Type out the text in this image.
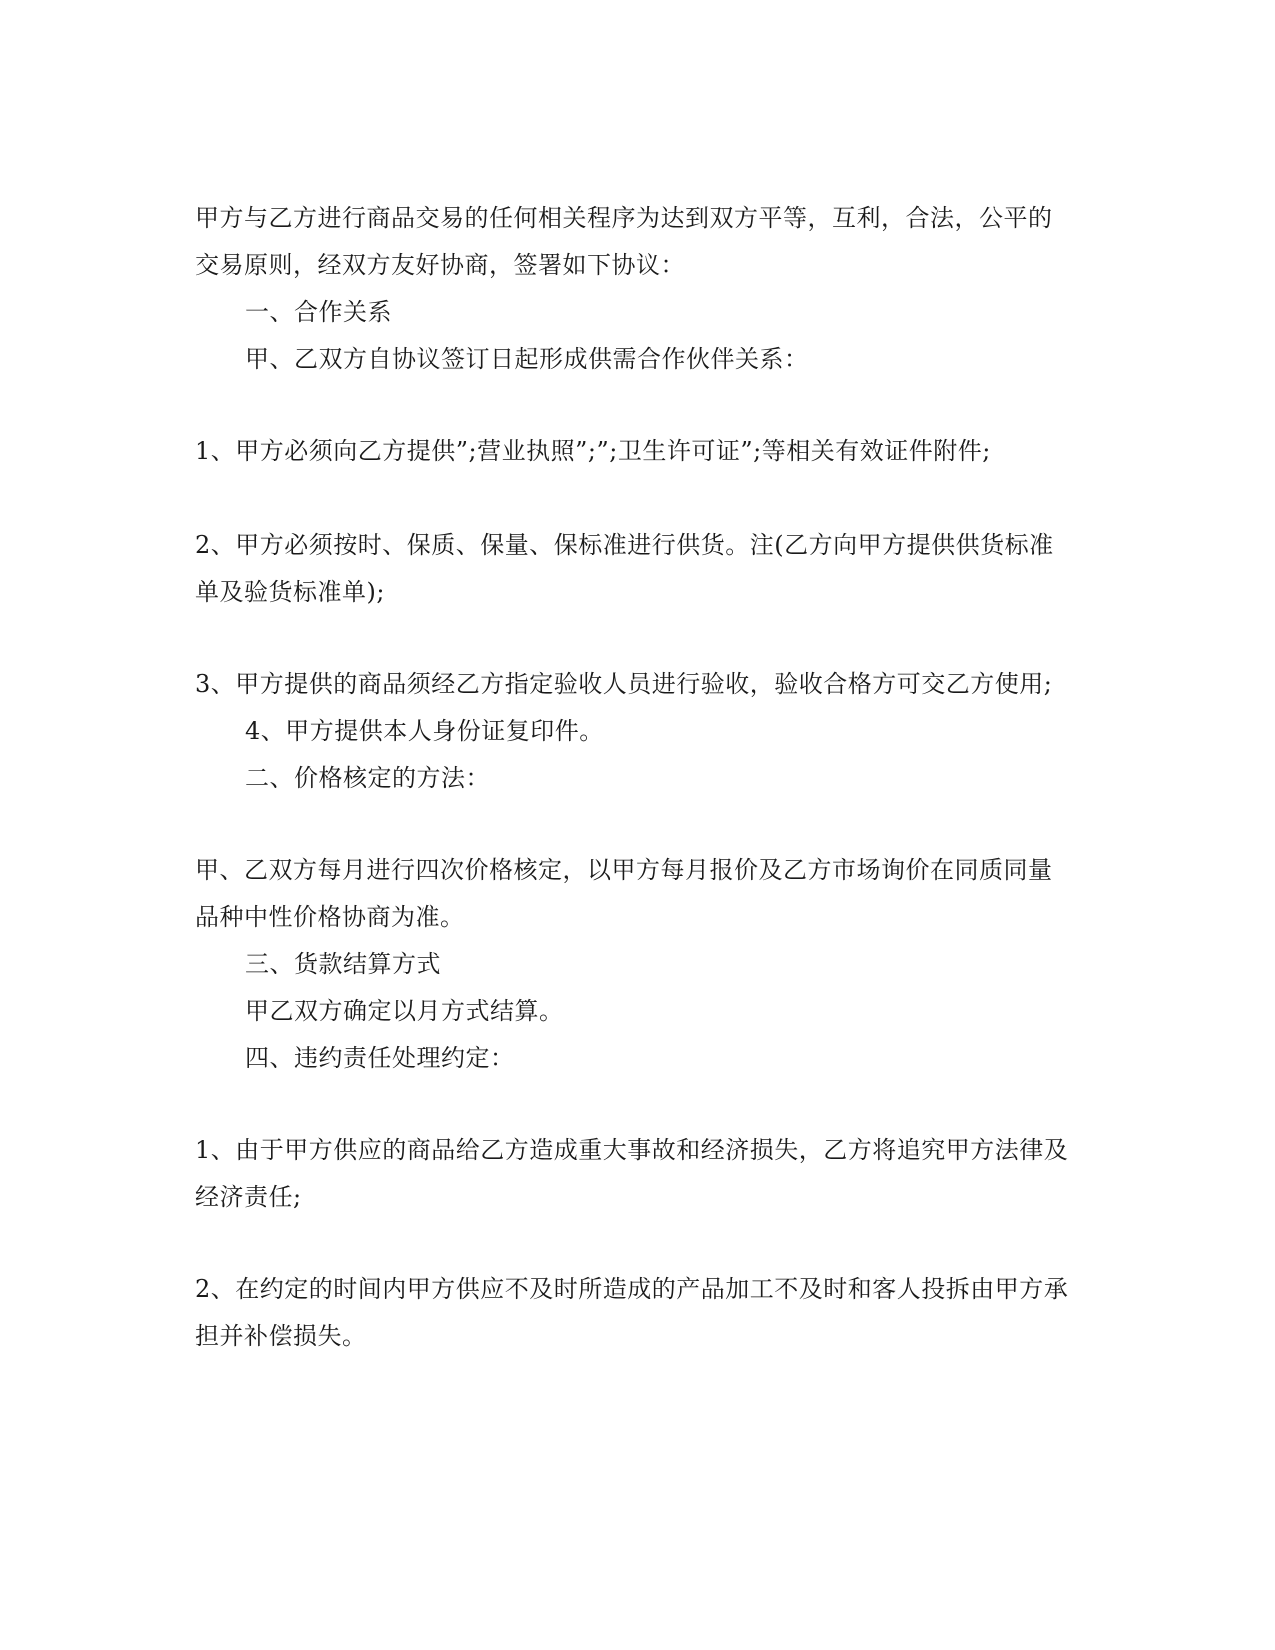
甲方与乙方进行商品交易的任何相关程序为达到双方平等，互利，合法，公平的
交易原则，经双方友好协商，签署如下协议：
一、合作关系
甲、乙双方自协议签订日起形成供需合作伙伴关系：
1、甲方必须向乙方提供”;营业执照”;”;卫生许可证”;等相关有效证件附件;
2、甲方必须按时、保质、保量、保标准进行供货。注(乙方向甲方提供供货标准
单及验货标准单);
3、甲方提供的商品须经乙方指定验收人员进行验收，验收合格方可交乙方使用;
4、甲方提供本人身份证复印件。
二、价格核定的方法：
甲、乙双方每月进行四次价格核定，以甲方每月报价及乙方市场询价在同质同量
品种中性价格协商为准。
三、货款结算方式
甲乙双方确定以月方式结算。
四、违约责任处理约定：
1、由于甲方供应的商品给乙方造成重大事故和经济损失，乙方将追究甲方法律及
经济责任;
2、在约定的时间内甲方供应不及时所造成的产品加工不及时和客人投拆由甲方承
担并补偿损失。
